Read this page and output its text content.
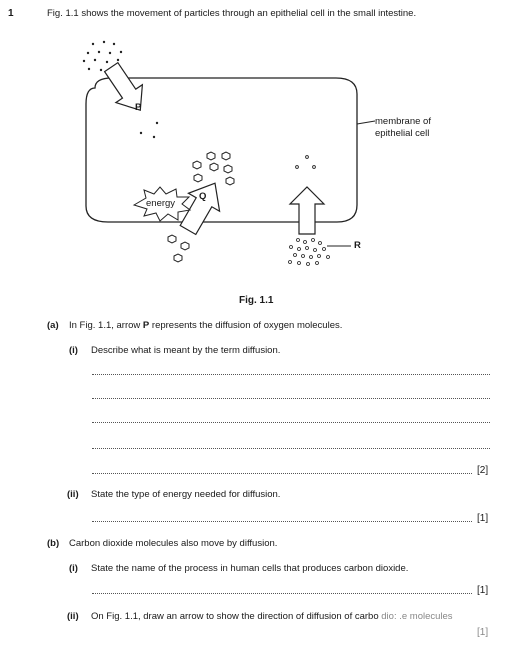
1	Fig. 1.1 shows the movement of particles through an epithelial cell in the small intestine.
P
Q
energy
R
membrane of
epithelial cell
Fig. 1.1
(a) In Fig. 1.1, arrow P represents the diffusion of oxygen molecules.
(i) Describe what is meant by the term diffusion.
[2]
(ii) State the type of energy needed for diffusion.
[1]
(b) Carbon dioxide molecules also move by diffusion.
(i) State the name of the process in human cells that produces carbon dioxide.
[1]
(ii) On Fig. 1.1, draw an arrow to show the direction of diffusion of carbo dio: .e molecules
[1]
